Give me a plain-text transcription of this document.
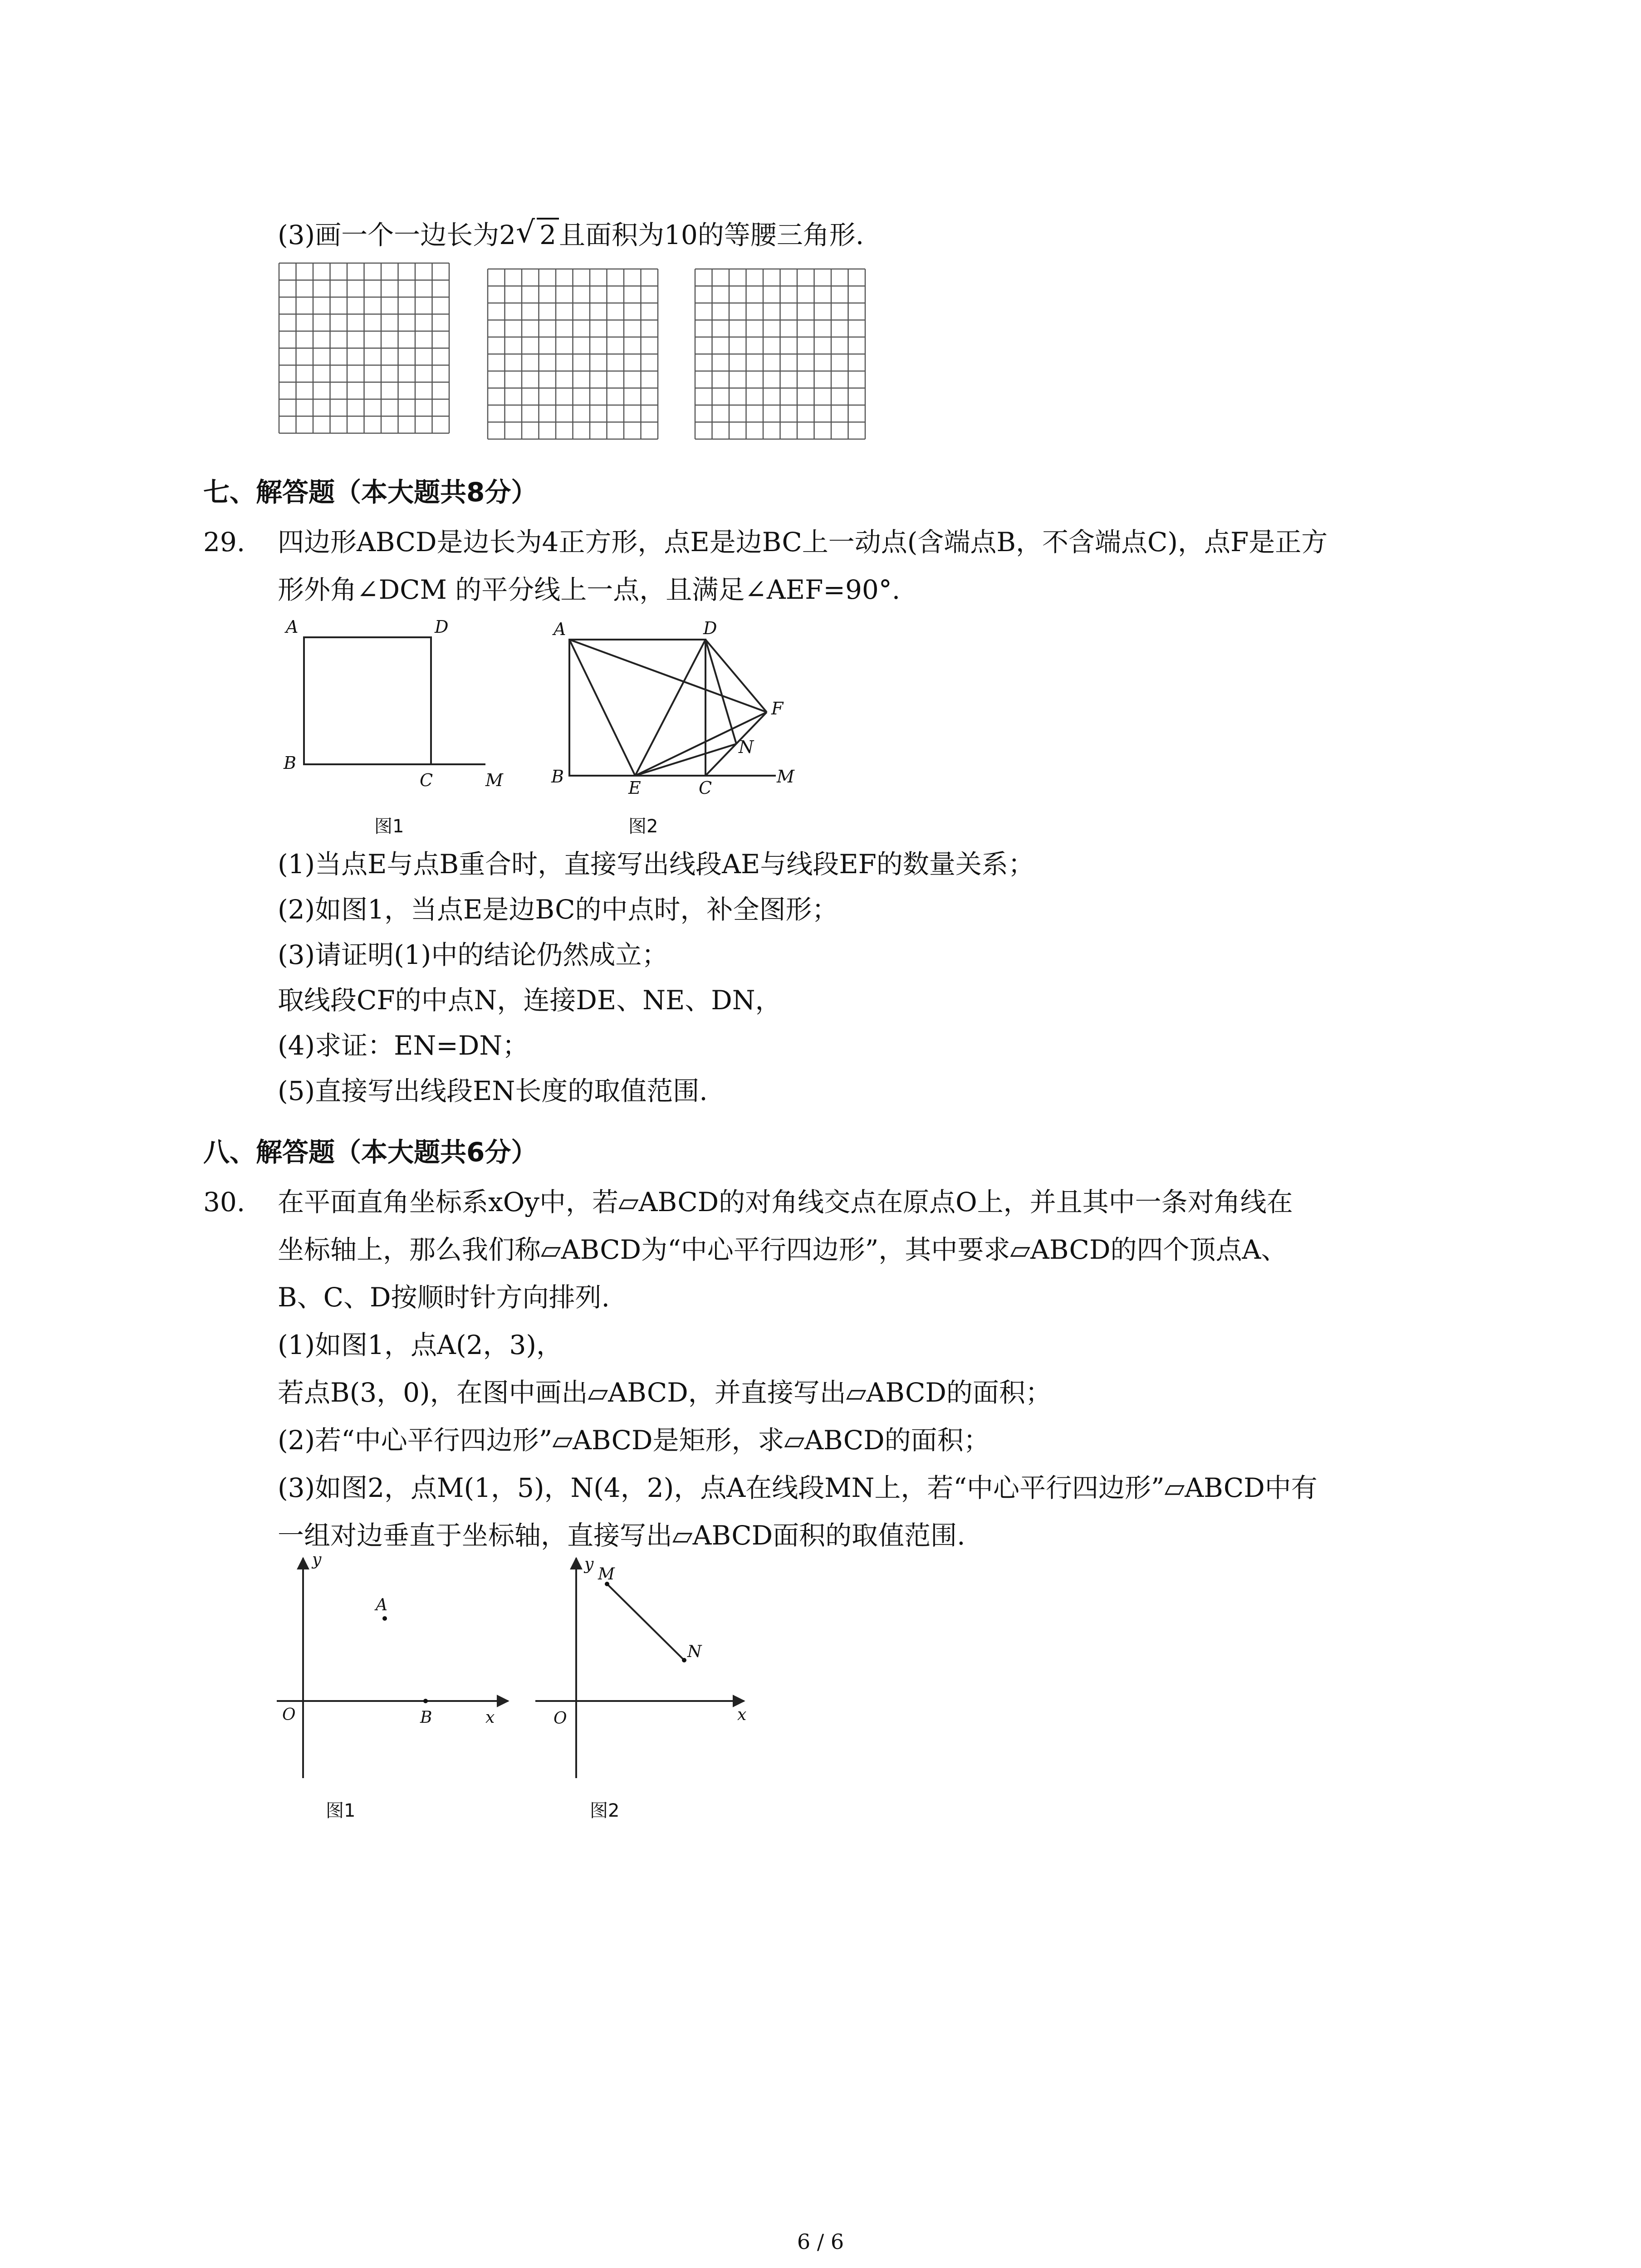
(3)画一个一边长为2√ 2 且面积为10的等腰三角形.
七、解答题（本大题共8分）
29. 四边形ABCD是边长为4正方形，点E是边BC上一动点(含端点B，不含端点C)，点F是正方
形外角∠DCM 的平分线上一点，且满足∠AEF=90°.
A	D
B
C	M
图1
A	D
F
N
B
E	C
M
图2
(1)当点E与点B重合时，直接写出线段AE与线段EF的数量关系；
(2)如图1，当点E是边BC的中点时，补全图形；
(3)请证明(1)中的结论仍然成立；
取线段CF的中点N，连接DE、NE、DN，
(4)求证：EN=DN；
(5)直接写出线段EN长度的取值范围.
八、解答题（本大题共6分）
30. 在平面直角坐标系xOy中，若▱ABCD的对角线交点在原点O上，并且其中一条对角线在
坐标轴上，那么我们称▱ABCD为“中心平行四边形”，其中要求▱ABCD的四个顶点A、
B、C、D按顺时针方向排列.
(1)如图1，点A(2，3)，
若点B(3，0)，在图中画出▱ABCD，并直接写出▱ABCD的面积；
(2)若“中心平行四边形”▱ABCD是矩形，求▱ABCD的面积；
(3)如图2，点M(1，5)，N(4，2)，点A在线段MN上，若“中心平行四边形”▱ABCD中有
一组对边垂直于坐标轴，直接写出▱ABCD面积的取值范围.
y
A
O	B	x
图1
y
M
N
O	x
图2
6 / 6
